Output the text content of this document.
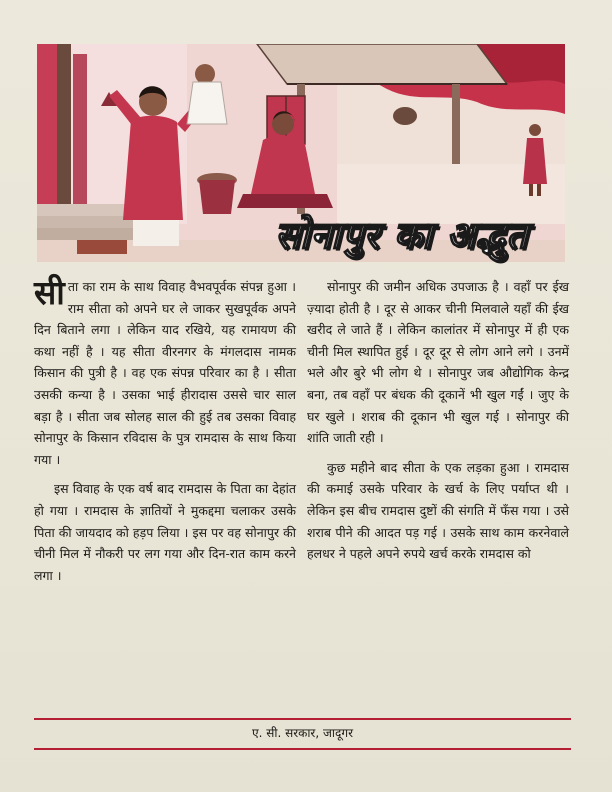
सोनापुर का अद्भुत

सीता का राम के साथ विवाह वैभवपूर्वक संपन्न हुआ । राम सीता को अपने घर ले जाकर सुखपूर्वक अपने दिन बिताने लगा । लेकिन याद रखिये, यह रामायण की कथा नहीं है । यह सीता वीरनगर के मंगलदास नामक किसान की पुत्री है । वह एक संपन्न परिवार का है । सीता उसकी कन्या है । उसका भाई हीरादास उससे चार साल बड़ा है । सीता जब सोलह साल की हुई तब उसका विवाह सोनापुर के किसान रविदास के पुत्र रामदास के साथ किया गया ।

इस विवाह के एक वर्ष बाद रामदास के पिता का देहांत हो गया । रामदास के ज्ञातियों ने मुकद्दमा चलाकर उसके पिता की जायदाद को हड़प लिया । इस पर वह सोनापुर की चीनी मिल में नौकरी पर लग गया और दिन-रात काम करने लगा ।

सोनापुर की जमीन अधिक उपजाऊ है । वहाँ पर ईख ज़्यादा होती है । दूर से आकर चीनी मिलवाले यहाँ की ईख खरीद ले जाते हैं । लेकिन कालांतर में सोनापुर में ही एक चीनी मिल स्थापित हुई । दूर दूर से लोग आने लगे । उनमें भले और बुरे भी लोग थे । सोनापुर जब औद्योगिक केन्द्र बना, तब वहाँ पर बंधक की दूकानें भी खुल गईं । जुए के घर खुले । शराब की दूकान भी खुल गई । सोनापुर की शांति जाती रही ।

कुछ महीने बाद सीता के एक लड़का हुआ । रामदास की कमाई उसके परिवार के खर्च के लिए पर्याप्त थी । लेकिन इस बीच रामदास दुष्टों की संगति में फँस गया । उसे शराब पीने की आदत पड़ गई । उसके साथ काम करनेवाले हलधर ने पहले अपने रुपये खर्च करके रामदास को

ए. सी. सरकार, जादूगर
